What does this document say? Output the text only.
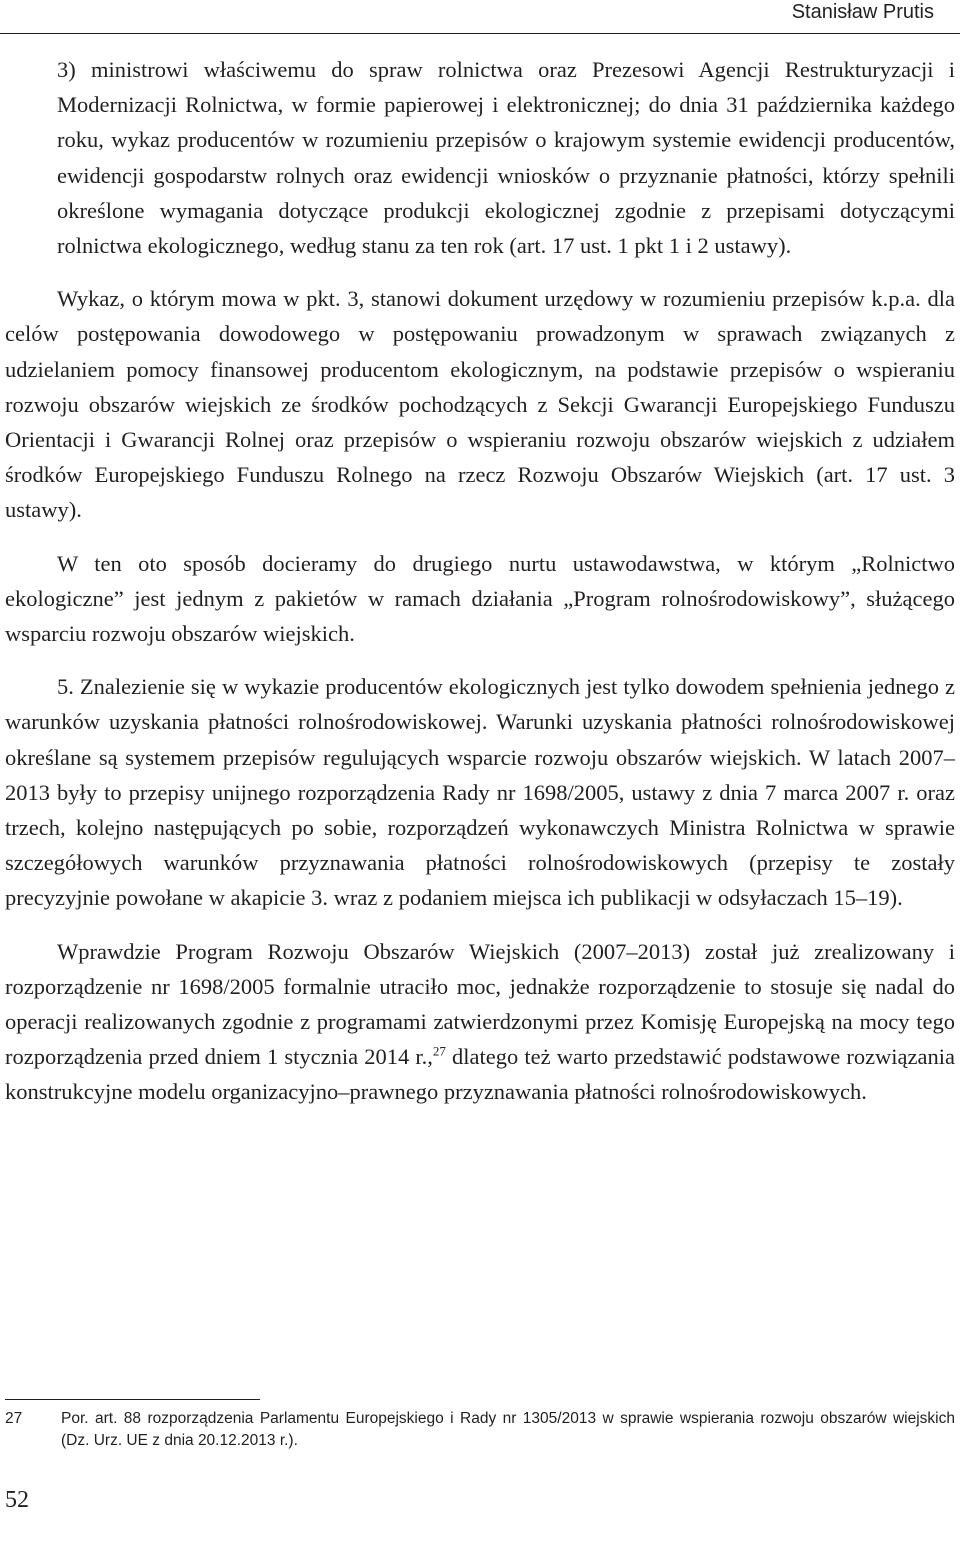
Stanisław Prutis

3) ministrowi właściwemu do spraw rolnictwa oraz Prezesowi Agencji Restrukturyzacji i Modernizacji Rolnictwa, w formie papierowej i elektronicznej; do dnia 31 października każdego roku, wykaz producentów w rozumieniu przepisów o krajowym systemie ewidencji producentów, ewidencji gospodarstw rolnych oraz ewidencji wniosków o przyznanie płatności, którzy spełnili określone wymagania dotyczące produkcji ekologicznej zgodnie z przepisami dotyczącymi rolnictwa ekologicznego, według stanu za ten rok (art. 17 ust. 1 pkt 1 i 2 ustawy).

Wykaz, o którym mowa w pkt. 3, stanowi dokument urzędowy w rozumieniu przepisów k.p.a. dla celów postępowania dowodowego w postępowaniu prowadzonym w sprawach związanych z udzielaniem pomocy finansowej producentom ekologicznym, na podstawie przepisów o wspieraniu rozwoju obszarów wiejskich ze środków pochodzących z Sekcji Gwarancji Europejskiego Funduszu Orientacji i Gwarancji Rolnej oraz przepisów o wspieraniu rozwoju obszarów wiejskich z udziałem środków Europejskiego Funduszu Rolnego na rzecz Rozwoju Obszarów Wiejskich (art. 17 ust. 3 ustawy).

W ten oto sposób docieramy do drugiego nurtu ustawodawstwa, w którym „Rolnictwo ekologiczne” jest jednym z pakietów w ramach działania „Program rolnośrodowiskowy”, służącego wsparciu rozwoju obszarów wiejskich.

5. Znalezienie się w wykazie producentów ekologicznych jest tylko dowodem spełnienia jednego z warunków uzyskania płatności rolnośrodowiskowej. Warunki uzyskania płatności rolnośrodowiskowej określane są systemem przepisów regulujących wsparcie rozwoju obszarów wiejskich. W latach 2007–2013 były to przepisy unijnego rozporządzenia Rady nr 1698/2005, ustawy z dnia 7 marca 2007 r. oraz trzech, kolejno następujących po sobie, rozporządzeń wykonawczych Ministra Rolnictwa w sprawie szczegółowych warunków przyznawania płatności rolnośrodowiskowych (przepisy te zostały precyzyjnie powołane w akapicie 3. wraz z podaniem miejsca ich publikacji w odsyłaczach 15–19).

Wprawdzie Program Rozwoju Obszarów Wiejskich (2007–2013) został już zrealizowany i rozporządzenie nr 1698/2005 formalnie utraciło moc, jednakże rozporządzenie to stosuje się nadal do operacji realizowanych zgodnie z programami zatwierdzonymi przez Komisję Europejską na mocy tego rozporządzenia przed dniem 1 stycznia 2014 r.,$^{27}$ dlatego też warto przedstawić podstawowe rozwiązania konstrukcyjne modelu organizacyjno–prawnego przyznawania płatności rolnośrodowiskowych.

27	Por. art. 88 rozporządzenia Parlamentu Europejskiego i Rady nr 1305/2013 w sprawie wspierania rozwoju obszarów wiejskich (Dz. Urz. UE z dnia 20.12.2013 r.).
52
